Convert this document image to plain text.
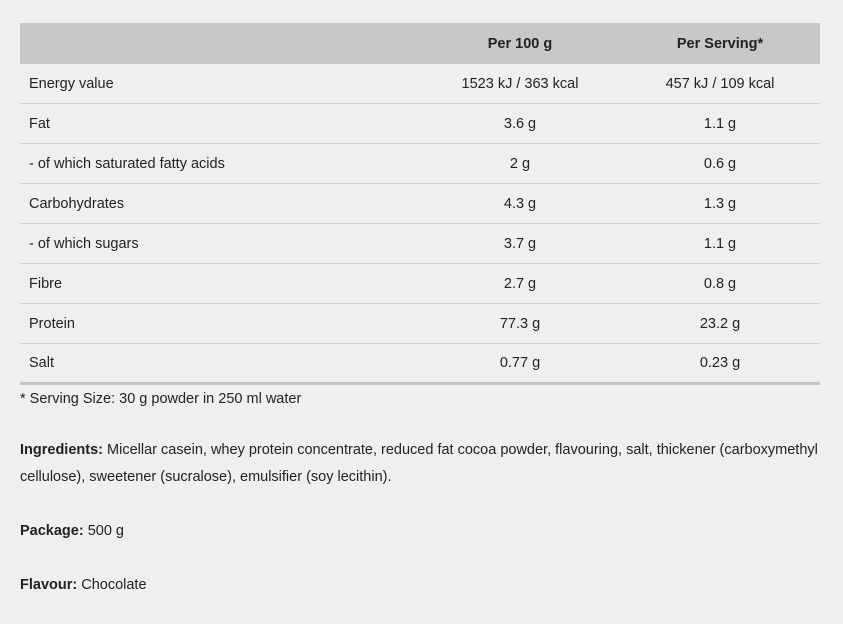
	Per 100 g	Per Serving*
Energy value	1523 kJ / 363 kcal	457 kJ / 109 kcal
Fat	3.6 g	1.1 g
- of which saturated fatty acids	2 g	0.6 g
Carbohydrates	4.3 g	1.3 g
- of which sugars	3.7 g	1.1 g
Fibre	2.7 g	0.8 g
Protein	77.3 g	23.2 g
Salt	0.77 g	0.23 g
* Serving Size: 30 g powder in 250 ml water
Ingredients: Micellar casein, whey protein concentrate, reduced fat cocoa powder, flavouring, salt, thickener (carboxymethyl cellulose), sweetener (sucralose), emulsifier (soy lecithin).
Package: 500 g
Flavour: Chocolate
